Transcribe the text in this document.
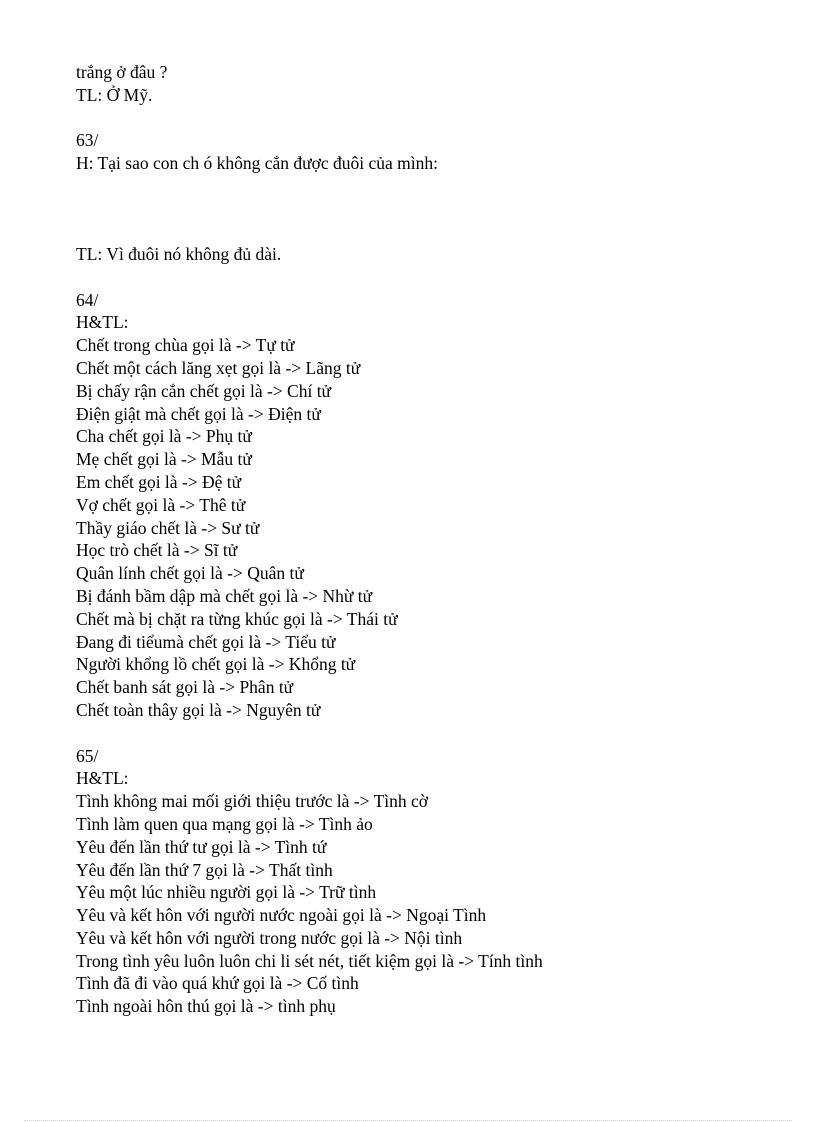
trắng ở đâu ?
TL: Ở Mỹ.
63/
H: Tại sao con ch ó không cắn được đuôi của mình:
TL: Vì đuôi nó không đủ dài.
64/
H&TL:
Chết trong chùa gọi là -> Tự tử
Chết một cách lăng xẹt gọi là -> Lãng tử
Bị chấy rận cắn chết gọi là -> Chí tử
Điện giật mà chết gọi là -> Điện tử
Cha chết gọi là -> Phụ tử
Mẹ chết gọi là -> Mẫu tử
Em chết gọi là -> Đệ tử
Vợ chết gọi là -> Thê tử
Thầy giáo chết là -> Sư tử
Học trò chết là -> Sĩ tử
Quân lính chết gọi là -> Quân tử
Bị đánh bầm dập mà chết gọi là -> Nhừ tử
Chết mà bị chặt ra từng khúc gọi là -> Thái tử
Đang đi tiểumà chết gọi là -> Tiểu tử
Người khổng lồ chết gọi là -> Khổng tử
Chết banh sát gọi là -> Phân tử
Chết toàn thây gọi là -> Nguyên tử
65/
H&TL:
Tình không mai mối giới thiệu trước là -> Tình cờ
Tình làm quen qua mạng gọi là -> Tình ảo
Yêu đến lần thứ tư gọi là -> Tình tứ
Yêu đến lần thứ 7 gọi là -> Thất tình
Yêu một lúc nhiều người gọi là -> Trữ tình
Yêu và kết hôn với người nước ngoài gọi là -> Ngoại Tình
Yêu và kết hôn với người trong nước gọi là -> Nội tình
Trong tình yêu luôn luôn chi li sét nét, tiết kiệm gọi là -> Tính tình
Tình đã đi vào quá khứ gọi là -> Cố tình
Tình ngoài hôn thú gọi là -> tình phụ
